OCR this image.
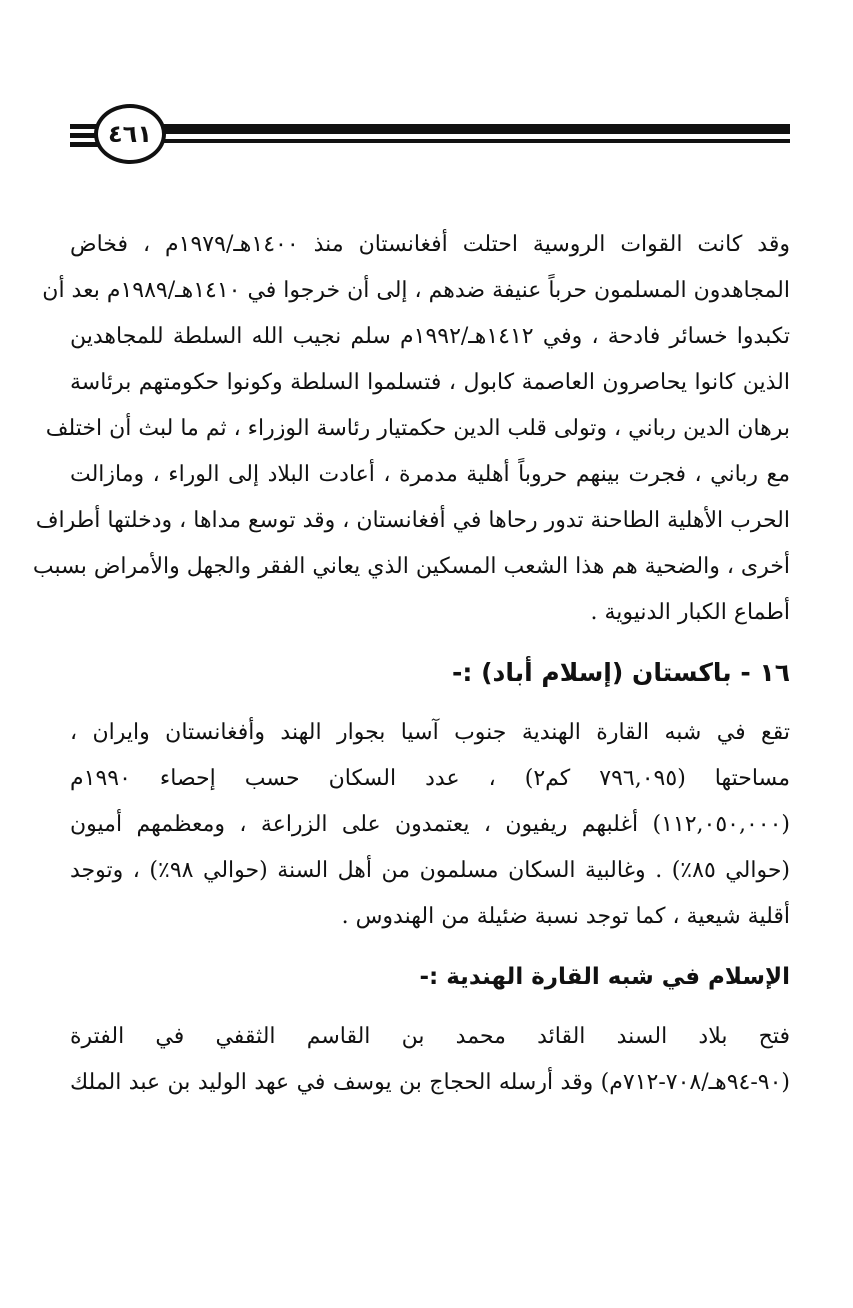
٤٦١
وقد كانت القوات الروسية احتلت أفغانستان منذ ١٤٠٠هـ/١٩٧٩م ، فخاض
المجاهدون المسلمون حرباً عنيفة ضدهم ، إلى أن خرجوا في ١٤١٠هـ/١٩٨٩م بعد أن
تكبدوا خسائر فادحة ، وفي ١٤١٢هـ/١٩٩٢م سلم نجيب الله السلطة للمجاهدين
الذين كانوا يحاصرون العاصمة كابول ، فتسلموا السلطة وكونوا حكومتهم برئاسة
برهان الدين رباني ، وتولى قلب الدين حكمتيار رئاسة الوزراء ، ثم ما لبث أن اختلف
مع رباني ، فجرت بينهم حروباً أهلية مدمرة ، أعادت البلاد إلى الوراء ، ومازالت
الحرب الأهلية الطاحنة تدور رحاها في أفغانستان ، وقد توسع مداها ، ودخلتها أطراف
أخرى ، والضحية هم هذا الشعب المسكين الذي يعاني الفقر والجهل والأمراض بسبب
أطماع الكبار الدنيوية .
١٦ - باكستان (إسلام أباد) :-
تقع في شبه القارة الهندية جنوب آسيا بجوار الهند وأفغانستان وايران ،
مساحتها (٧٩٦,٠٩٥ كم٢) ، عدد السكان حسب إحصاء ١٩٩٠م
(١١٢,٠٥٠,٠٠٠) أغلبهم ريفيون ، يعتمدون على الزراعة ، ومعظمهم أميون
(حوالي ٨٥٪) . وغالبية السكان مسلمون من أهل السنة (حوالي ٩٨٪) ، وتوجد
أقلية شيعية ، كما توجد نسبة ضئيلة من الهندوس .
الإسلام في شبه القارة الهندية :-
فتح بلاد السند القائد محمد بن القاسم الثقفي في الفترة
(٩٠-٩٤هـ/٧٠٨-٧١٢م) وقد أرسله الحجاج بن يوسف في عهد الوليد بن عبد الملك
